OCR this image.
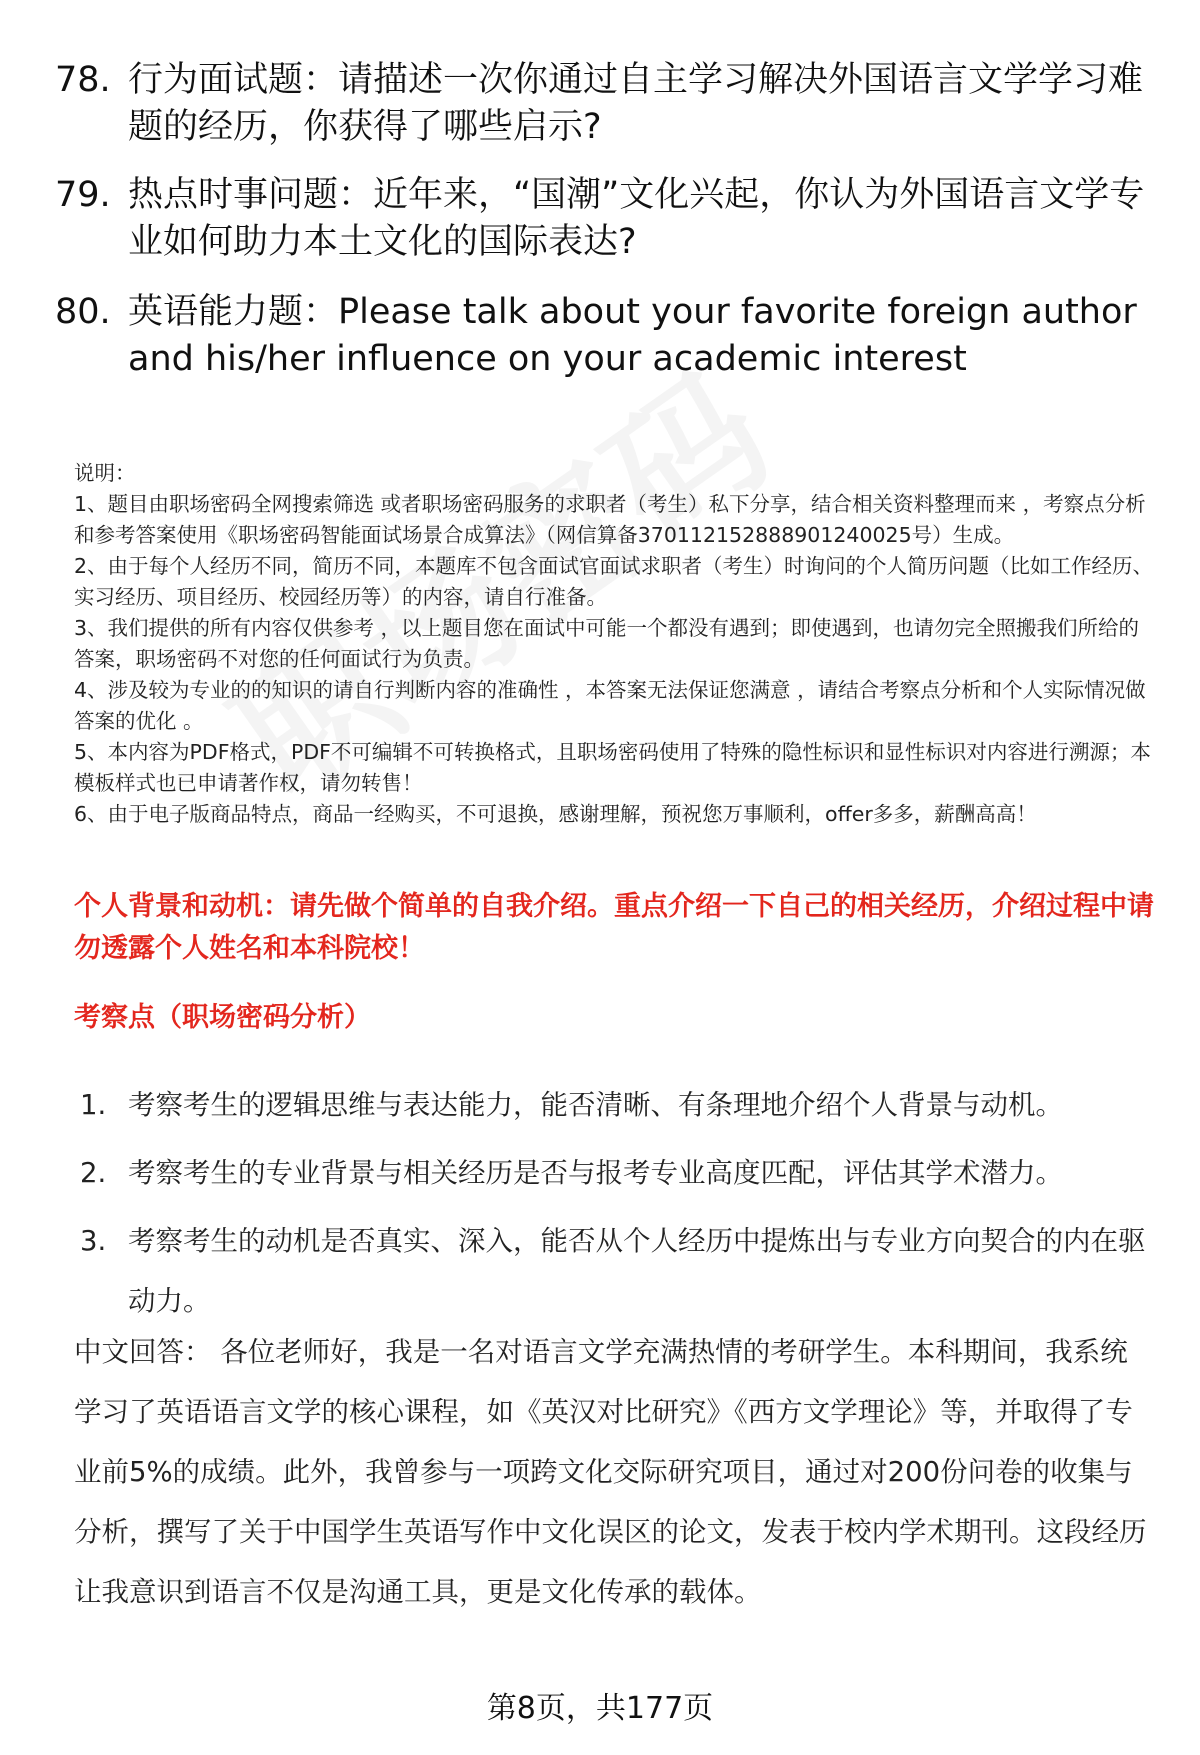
78. 行为面试题：请描述一次你通过自主学习解决外国语言文学学习难题的经历，你获得了哪些启示?
79. 热点时事问题：近年来，“国潮”文化兴起，你认为外国语言文学专业如何助力本土文化的国际表达?
80. 英语能力题：Please talk about your favorite foreign author and his/her influence on your academic interest

说明：

1、题目由职场密码全网搜索筛选 或者职场密码服务的求职者（考生）私下分享，结合相关资料整理而来 ，考察点分析和参考答案使用《职场密码智能面试场景合成算法》（网信算备370112152888901240025号）生成。

2、由于每个人经历不同，简历不同，本题库不包含面试官面试求职者（考生）时询问的个人简历问题（比如工作经历、实习经历、项目经历、校园经历等）的内容，请自行准备。

3、我们提供的所有内容仅供参考 ，以上题目您在面试中可能一个都没有遇到；即使遇到，也请勿完全照搬我们所给的答案，职场密码不对您的任何面试行为负责。

4、涉及较为专业的的知识的请自行判断内容的准确性 ，本答案无法保证您满意 ，请结合考察点分析和个人实际情况做答案的优化 。

5、本内容为PDF格式，PDF不可编辑不可转换格式，且职场密码使用了特殊的隐性标识和显性标识对内容进行溯源；本模板样式也已申请著作权，请勿转售！

6、由于电子版商品特点，商品一经购买，不可退换，感谢理解，预祝您万事顺利，offer多多，薪酬高高！

个人背景和动机：请先做个简单的自我介绍。重点介绍一下自己的相关经历，介绍过程中请勿透露个人姓名和本科院校！
考察点（职场密码分析）
1. 考察考生的逻辑思维与表达能力，能否清晰、有条理地介绍个人背景与动机。
2. 考察考生的专业背景与相关经历是否与报考专业高度匹配，评估其学术潜力。
3. 考察考生的动机是否真实、深入，能否从个人经历中提炼出与专业方向契合的内在驱动力。
中文回答： 各位老师好，我是一名对语言文学充满热情的考研学生。本科期间，我系统学习了英语语言文学的核心课程，如《英汉对比研究》《西方文学理论》等，并取得了专业前5%的成绩。此外，我曾参与一项跨文化交际研究项目，通过对200份问卷的收集与分析，撰写了关于中国学生英语写作中文化误区的论文，发表于校内学术期刊。这段经历让我意识到语言不仅是沟通工具，更是文化传承的载体。
第8页，共177页
